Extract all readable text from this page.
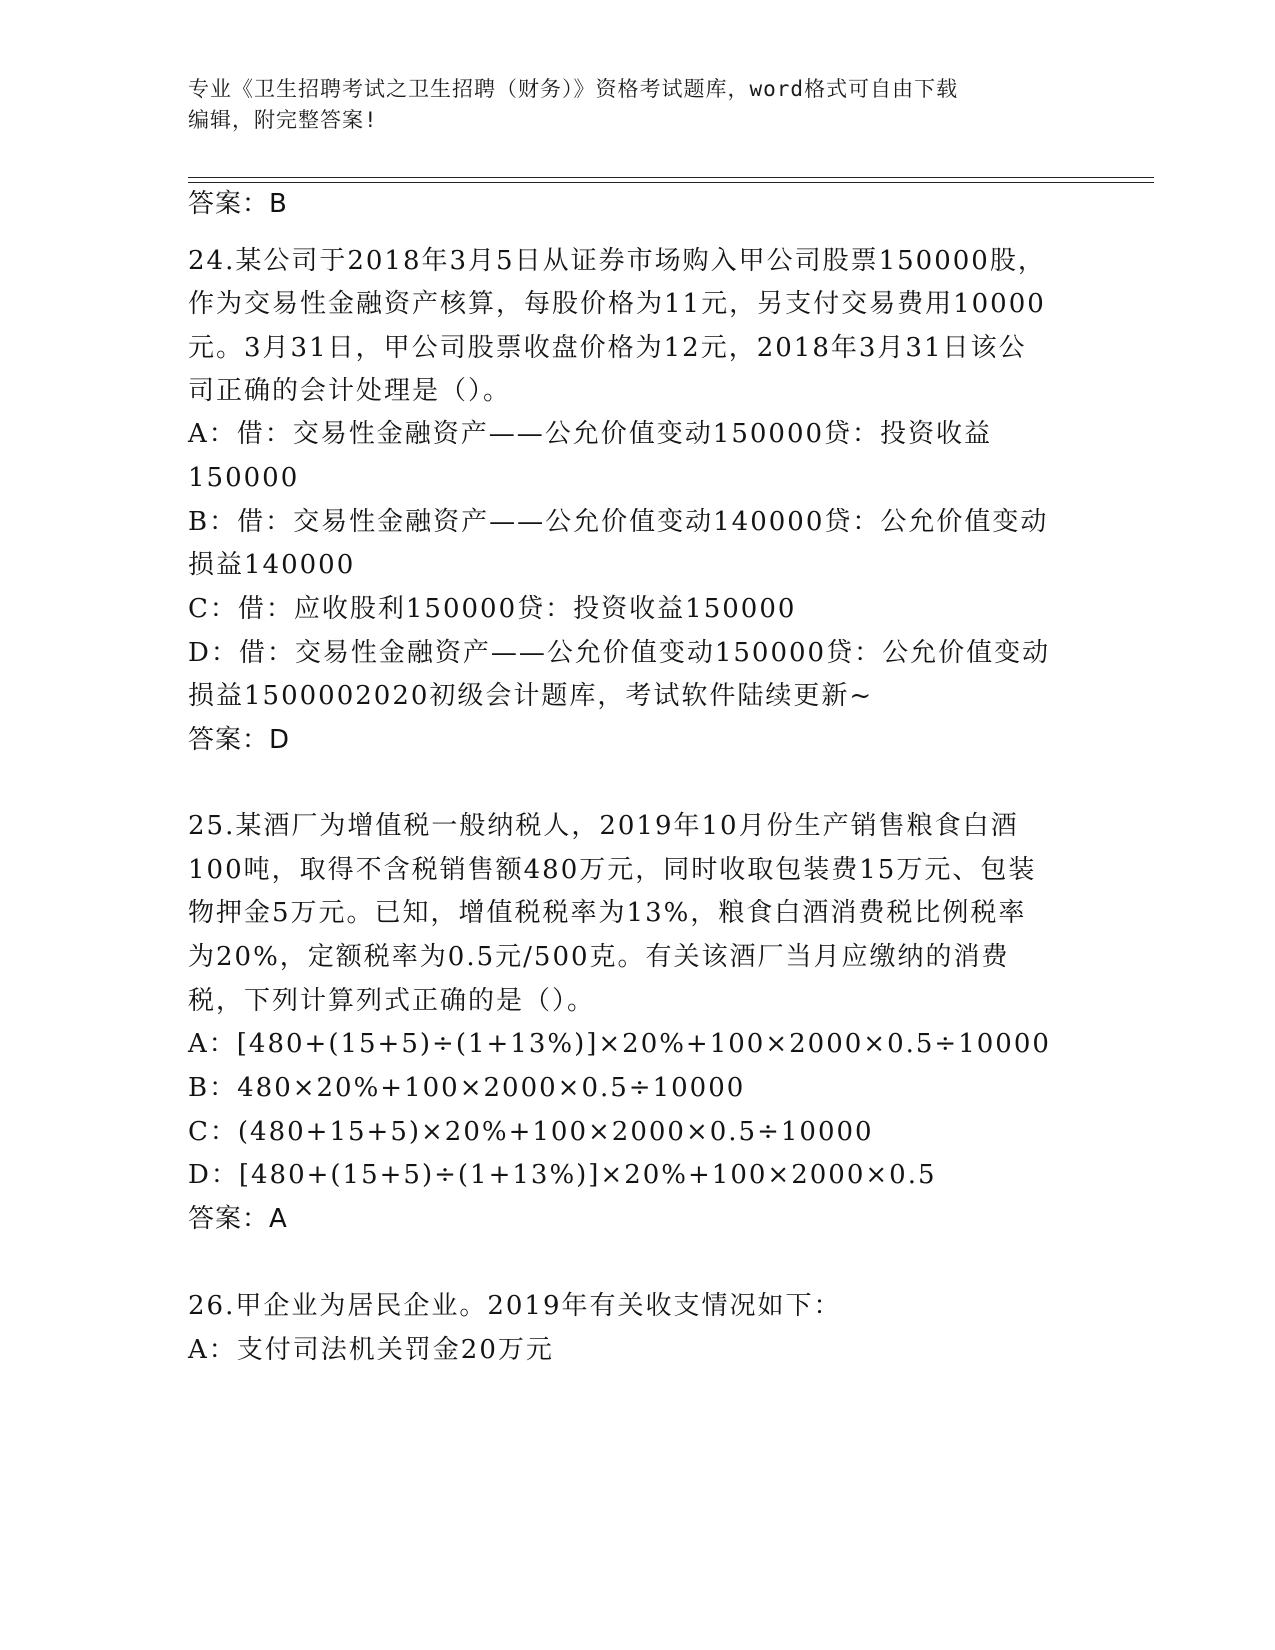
专业《卫生招聘考试之卫生招聘（财务）》资格考试题库，word格式可自由下载
编辑，附完整答案!
答案：B
24.某公司于2018年3月5日从证券市场购入甲公司股票150000股，
作为交易性金融资产核算，每股价格为11元，另支付交易费用10000
元。3月31日，甲公司股票收盘价格为12元，2018年3月31日该公
司正确的会计处理是（）。
A：借：交易性金融资产——公允价值变动150000贷：投资收益
150000
B：借：交易性金融资产——公允价值变动140000贷：公允价值变动
损益140000
C：借：应收股利150000贷：投资收益150000
D：借：交易性金融资产——公允价值变动150000贷：公允价值变动
损益1500002020初级会计题库，考试软件陆续更新~
答案：D
25.某酒厂为增值税一般纳税人，2019年10月份生产销售粮食白酒
100吨，取得不含税销售额480万元，同时收取包装费15万元、包装
物押金5万元。已知，增值税税率为13%，粮食白酒消费税比例税率
为20%，定额税率为0.5元/500克。有关该酒厂当月应缴纳的消费
税，下列计算列式正确的是（）。
A：[480+(15+5)÷(1+13%)]×20%+100×2000×0.5÷10000
B：480×20%+100×2000×0.5÷10000
C：(480+15+5)×20%+100×2000×0.5÷10000
D：[480+(15+5)÷(1+13%)]×20%+100×2000×0.5
答案：A
26.甲企业为居民企业。2019年有关收支情况如下：
A：支付司法机关罚金20万元
